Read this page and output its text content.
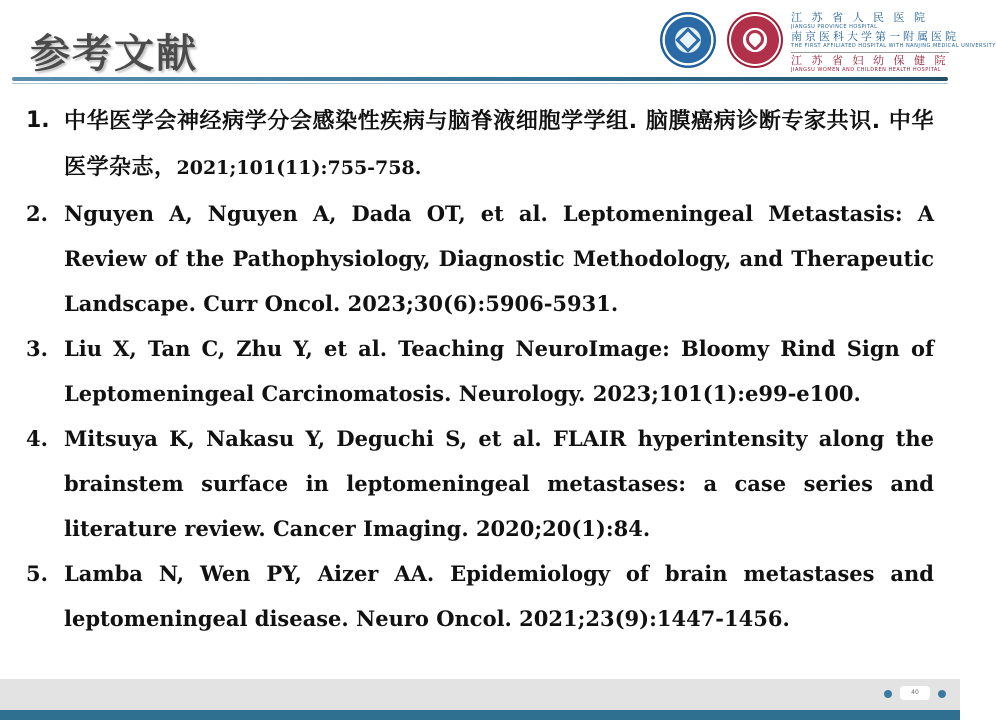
参考文献
江 苏 省 人 民 医 院
JIANGSU PROVINCE HOSPITAL
南京医科大学第一附属医院
THE FIRST AFFILIATED HOSPITAL WITH NANJING MEDICAL UNIVERSITY
江 苏 省 妇 幼 保 健 院
JIANGSU WOMEN AND CHILDREN HEALTH HOSPITAL
1. 中华医学会神经病学分会感染性疾病与脑脊液细胞学学组. 脑膜癌病诊断专家共识. 中华医学杂志，2021;101(11):755-758.
2. Nguyen A, Nguyen A, Dada OT, et al. Leptomeningeal Metastasis: A Review of the Pathophysiology, Diagnostic Methodology, and Therapeutic Landscape. Curr Oncol. 2023;30(6):5906-5931.
3. Liu X, Tan C, Zhu Y, et al. Teaching NeuroImage: Bloomy Rind Sign of Leptomeningeal Carcinomatosis. Neurology. 2023;101(1):e99-e100.
4. Mitsuya K, Nakasu Y, Deguchi S, et al. FLAIR hyperintensity along the brainstem surface in leptomeningeal metastases: a case series and literature review. Cancer Imaging. 2020;20(1):84.
5. Lamba N, Wen PY, Aizer AA. Epidemiology of brain metastases and leptomeningeal disease. Neuro Oncol. 2021;23(9):1447-1456.
40
